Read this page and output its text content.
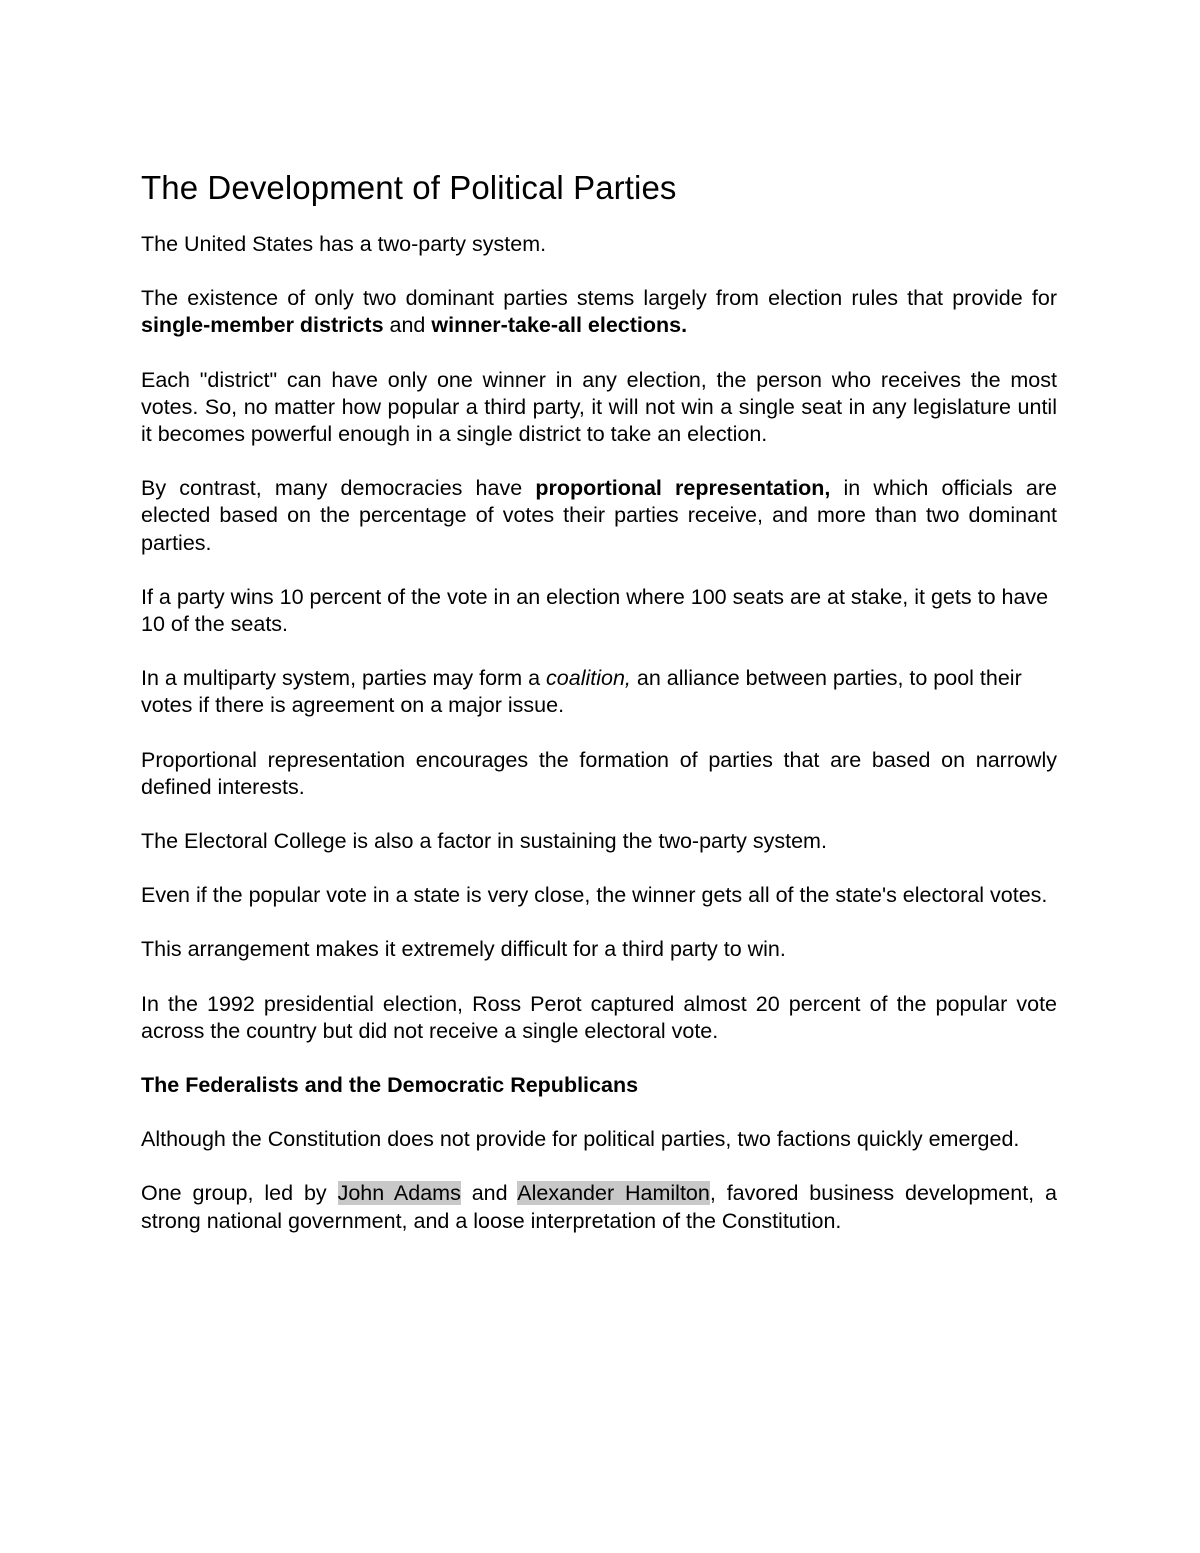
The Development of Political Parties

The United States has a two-party system.

The existence of only two dominant parties stems largely from election rules that provide for single-member districts and winner-take-all elections.

Each "district" can have only one winner in any election, the person who receives the most votes. So, no matter how popular a third party, it will not win a single seat in any legislature until it becomes powerful enough in a single district to take an election.

By contrast, many democracies have proportional representation, in which officials are elected based on the percentage of votes their parties receive, and more than two dominant parties.

If a party wins 10 percent of the vote in an election where 100 seats are at stake, it gets to have 10 of the seats.

In a multiparty system, parties may form a coalition, an alliance between parties, to pool their votes if there is agreement on a major issue.

Proportional representation encourages the formation of parties that are based on narrowly defined interests.

The Electoral College is also a factor in sustaining the two-party system.

Even if the popular vote in a state is very close, the winner gets all of the state's electoral votes.

This arrangement makes it extremely difficult for a third party to win.

In the 1992 presidential election, Ross Perot captured almost 20 percent of the popular vote across the country but did not receive a single electoral vote.

The Federalists and the Democratic Republicans

Although the Constitution does not provide for political parties, two factions quickly emerged.

One group, led by John Adams and Alexander Hamilton, favored business development, a strong national government, and a loose interpretation of the Constitution.
